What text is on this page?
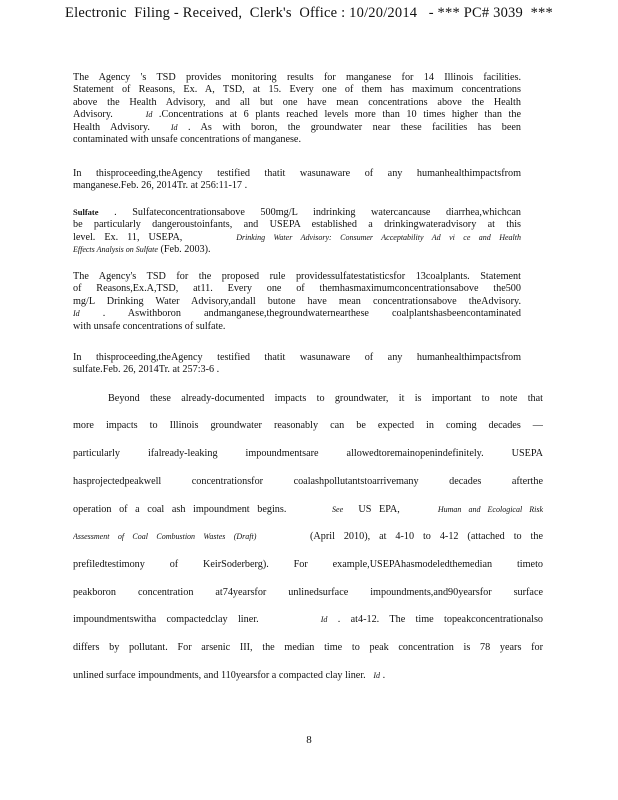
Electronic  Filing - Received,  Clerk's  Office : 10/20/2014   - *** PC# 3039  ***
The Agency 's TSD provides monitoring results for manganese for 14 Illinois facilities.
Statement of Reasons, Ex. A, TSD, at 15. Every one of them has maximum concentrations
above the Health Advisory, and all but one have mean concentrations above the Health
Advisory.	Id .Concentrations at 6 plants reached levels more than 10 times higher than the
Health Advisory.	Id . As with boron, the groundwater near these facilities has been
contaminated with unsafe concentrations of manganese.
In thisproceeding,theAgency testified thatit wasunaware of any humanhealthimpactsfrom
manganese.Feb. 26, 2014Tr. at 256:11-17 .
Sulfate . Sulfateconcentrationsabove 500mg/L indrinking watercancause diarrhea,whichcan
be particularly dangeroustoinfants, and USEPA established a drinkingwateradvisory at this
level. Ex. 11, USEPA,	Drinking Water Advisory: Consumer Acceptability Ad vi ce and Health
Effects Analysis on Sulfate (Feb. 2003).
The Agency's TSD for the proposed rule providessulfatestatisticsfor 13coalplants. Statement
of Reasons,Ex.A,TSD, at11. Every one of themhasmaximumconcentrationsabove the500
mg/L Drinking Water Advisory,andall butone have mean concentrationsabove theAdvisory.
Id . Aswithboron andmanganese,thegroundwaternearthese coalplantshasbeencontaminated
with unsafe concentrations of sulfate.
In thisproceeding,theAgency testified thatit wasunaware of any humanhealthimpactsfrom
sulfate.Feb. 26, 2014Tr. at 257:3-6 .
Beyond these already-documented impacts to groundwater, it is important to note that
more impacts to Illinois groundwater reasonably can be expected in coming decades —
particularly ifalready-leaking impoundmentsare allowedtoremainopenindefinitely. USEPA
hasprojectedpeakwell concentrationsfor coalashpollutantstoarrivemany decades afterthe
operation of a coal ash impoundment begins.	See US EPA,	Human and Ecological Risk
Assessment of Coal Combustion Wastes (Draft)	(April 2010), at 4-10 to 4-12 (attached to the
prefiledtestimony of KeirSoderberg). For example,USEPAhasmodeledthemedian timeto
peakboron concentration at74yearsfor unlinedsurface impoundments,and90yearsfor surface
impoundmentswitha compactedclay liner.	Id . at4-12. The time topeakconcentrationalso
differs by pollutant. For arsenic III, the median time to peak concentration is 78 years for
unlined surface impoundments, and 110yearsfor a compacted clay liner. Id .
8
